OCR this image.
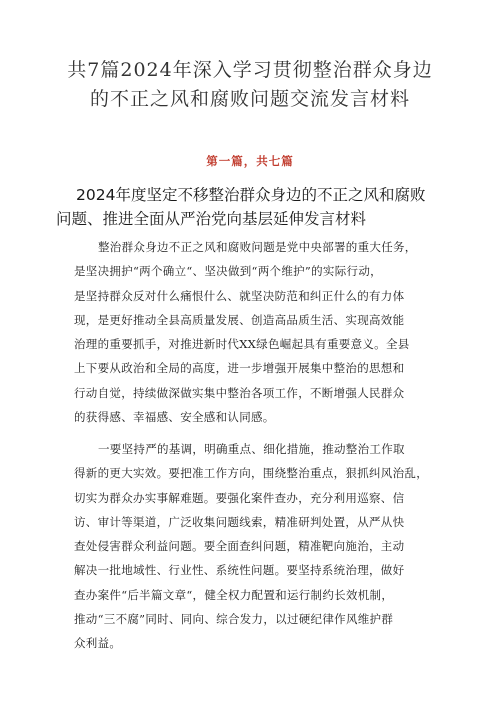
共7篇2024年深入学习贯彻整治群众身边
的不正之风和腐败问题交流发言材料
第一篇，共七篇
2024年度坚定不移整治群众身边的不正之风和腐败
问题、推进全面从严治党向基层延伸发言材料
整治群众身边不正之风和腐败问题是党中央部署的重大任务，
是坚决拥护“两个确立“、坚决做到“两个维护”的实际行动，
是坚持群众反对什么痛恨什么、就坚决防范和纠正什么的有力体
现，是更好推动全县高质量发展、创造高品质生活、实现高效能
治理的重要抓手，对推进新时代XX绿色崛起具有重要意义。全县
上下要从政治和全局的高度，进一步增强开展集中整治的思想和
行动自觉，持续做深做实集中整治各项工作，不断增强人民群众
的获得感、幸福感、安全感和认同感。
一要坚持严的基调，明确重点、细化措施，推动整治工作取
得新的更大实效。要把准工作方向，围绕整治重点，狠抓纠风治乱，
切实为群众办实事解难题。要强化案件查办，充分利用巡察、信
访、审计等渠道，广泛收集问题线索，精准研判处置，从严从快
查处侵害群众利益问题。要全面查纠问题，精准靶向施治，主动
解决一批地域性、行业性、系统性问题。要坚持系统治理，做好
查办案件“后半篇文章“，健全权力配置和运行制约长效机制，
推动“三不腐”同时、同向、综合发力，以过硬纪律作风维护群
众利益。
